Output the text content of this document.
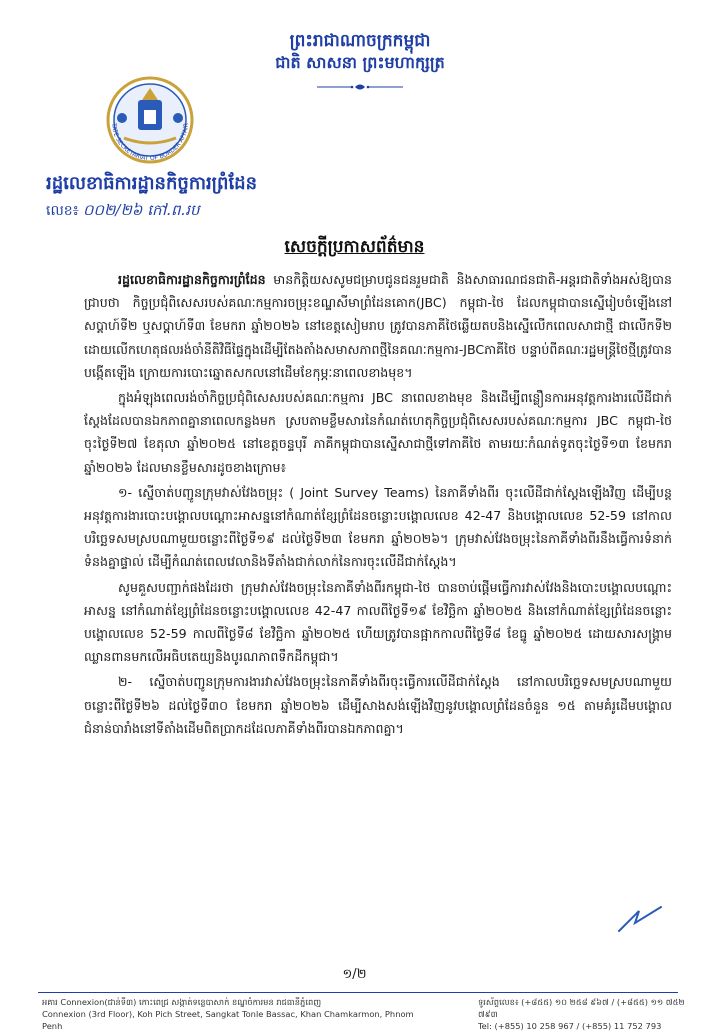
ព្រះរាជាណាចក្រកម្ពុជា
ជាតិ សាសនា ព្រះមហាក្សត្រ
TATE SECRETARIAT OF BORDER AFFAIR
រដ្ឋលេខាធិការដ្ឋានកិច្ចការព្រំដែន
លេខ៖ ០០២/២៦ កៅ.ព.រប
សេចក្តីប្រកាសព័ត៌មាន

រដ្ឋលេខាធិការដ្ឋានកិច្ចការព្រំដែន មានកិត្តិយសសូមជម្រាបជូនជនរួមជាតិ និងសាធារណជនជាតិ-អន្តរជាតិទាំងអស់ឱ្យបានជ្រាបថា កិច្ចប្រជុំពិសេសរបស់គណៈកម្មការចម្រុះខណ្ឌសីមាព្រំដែនគោក(JBC) កម្ពុជា-ថៃ ដែលកម្ពុជាបានស្នើរៀបចំឡើងនៅសប្តាហ៍ទី២ ឬសប្តាហ៍ទី៣ ខែមករា ឆ្នាំ២០២៦ នៅខេត្តសៀមរាប ត្រូវបានភាគីថៃឆ្លើយតបនិងស្នើលើកពេលសាជាថ្មី ជាលើកទី២ ដោយលើកហេតុផលរង់ចាំនីតិវិធីផ្ទៃក្នុងដើម្បីតែងតាំងសមាសភាពថ្មីនៃគណៈកម្មការ-JBCភាគីថៃ បន្ទាប់ពីគណៈរដ្ឋមន្ត្រីថៃថ្មីត្រូវបានបង្កើតឡើង ក្រោយការបោះឆ្នោតសកលនៅដើមខែកុម្ភៈនាពេលខាងមុខ។

ក្នុងអំឡុងពេលរង់ចាំកិច្ចប្រជុំពិសេសរបស់គណៈកម្មការ JBC នាពេលខាងមុខ និងដើម្បីពន្លឿនការអនុវត្តការងារលើដីជាក់ស្តែងដែលបានឯកភាពគ្នានាពេលកន្លងមក ស្របតាមខ្លឹមសារនៃកំណត់ហេតុកិច្ចប្រជុំពិសេសរបស់គណៈកម្មការ JBC កម្ពុជា-ថៃ ចុះថ្ងៃទី២៧ ខែតុលា ឆ្នាំ២០២៥ នៅខេត្តចន្ទបុរី ភាគីកម្ពុជាបានស្នើសាជាថ្មីទៅភាគីថៃ តាមរយៈកំណត់ទូតចុះថ្ងៃទី១៣ ខែមករា ឆ្នាំ២០២៦ ដែលមានខ្លឹមសារដូចខាងក្រោម៖

១- ស្នើចាត់បញ្ជូនក្រុមវាស់វែងចម្រុះ ( Joint Survey Teams) នៃភាគីទាំងពីរ ចុះលើដីជាក់ស្តែងឡើងវិញ ដើម្បីបន្តអនុវត្តការងារបោះបង្គោលបណ្តោះអាសន្ននៅកំណាត់ខ្សែព្រំដែនចន្លោះបង្គោលលេខ 42-47 និងបង្គោលលេខ 52-59 នៅកាលបរិច្ឆេទសមស្របណាមួយចន្លោះពីថ្ងៃទី១៩ ដល់ថ្ងៃទី២៣ ខែមករា ឆ្នាំ២០២៦។ ក្រុមវាស់វែងចម្រុះនៃភាគីទាំងពីរនឹងធ្វើការទំនាក់ទំនងគ្នាផ្ទាល់ ដើម្បីកំណត់ពេលវេលានិងទីតាំងជាក់លាក់នៃការចុះលើដីជាក់ស្តែង។

សូមគួសបញ្ជាក់ផងដែរថា ក្រុមវាស់វែងចម្រុះនៃភាគីទាំងពីរកម្ពុជា-ថៃ បានចាប់ផ្តើមធ្វើការវាស់វែងនិងបោះបង្គោលបណ្តោះអាសន្ន នៅកំណាត់ខ្សែព្រំដែនចន្លោះបង្គោលលេខ 42-47 កាលពីថ្ងៃទី១៩ ខែវិច្ឆិកា ឆ្នាំ២០២៥ និងនៅកំណាត់ខ្សែព្រំដែនចន្លោះបង្គោលលេខ 52-59 កាលពីថ្ងៃទី៨ ខែវិច្ឆិកា ឆ្នាំ២០២៥ ហើយត្រូវបានផ្អាកកាលពីថ្ងៃទី៨ ខែធ្នូ ឆ្នាំ២០២៥ ដោយសារសង្គ្រាមឈ្លានពានមកលើអធិបតេយ្យនិងបូរណភាពទឹកដីកម្ពុជា។

២- ស្នើចាត់បញ្ជូនក្រុមការងារវាស់វែងចម្រុះនៃភាគីទាំងពីរចុះធ្វើការលើដីជាក់ស្តែង នៅកាលបរិច្ឆេទសមស្របណាមួយចន្លោះពីថ្ងៃទី២៦ ដល់ថ្ងៃទី៣០ ខែមករា ឆ្នាំ២០២៦ ដើម្បីសាងសង់ឡើងវិញនូវបង្គោលព្រំដែនចំនួន ១៥ តាមគំរូដើមបង្គោលជំនាន់បារាំងនៅទីតាំងដើមពិតប្រាកដដែលភាគីទាំងពីរបានឯកភាពគ្នា។

១/២
អគារ Connexion(ជាន់ទី៣) កោះពេជ្រ សង្កាត់ទន្លេបាសាក់ ខណ្ឌចំការមន រាជធានីភ្នំពេញ
Connexion (3rd Floor), Koh Pich Street, Sangkat Tonle Bassac, Khan Chamkarmon, Phnom Penh
ទូរស័ព្ទលេខ៖ (+៨៥៥) ១០ ២៥៨ ៩៦៧ / (+៨៥៥) ១១ ៧៥២ ៧៩៣
Tel: (+855) 10 258 967 / (+855) 11 752 793
